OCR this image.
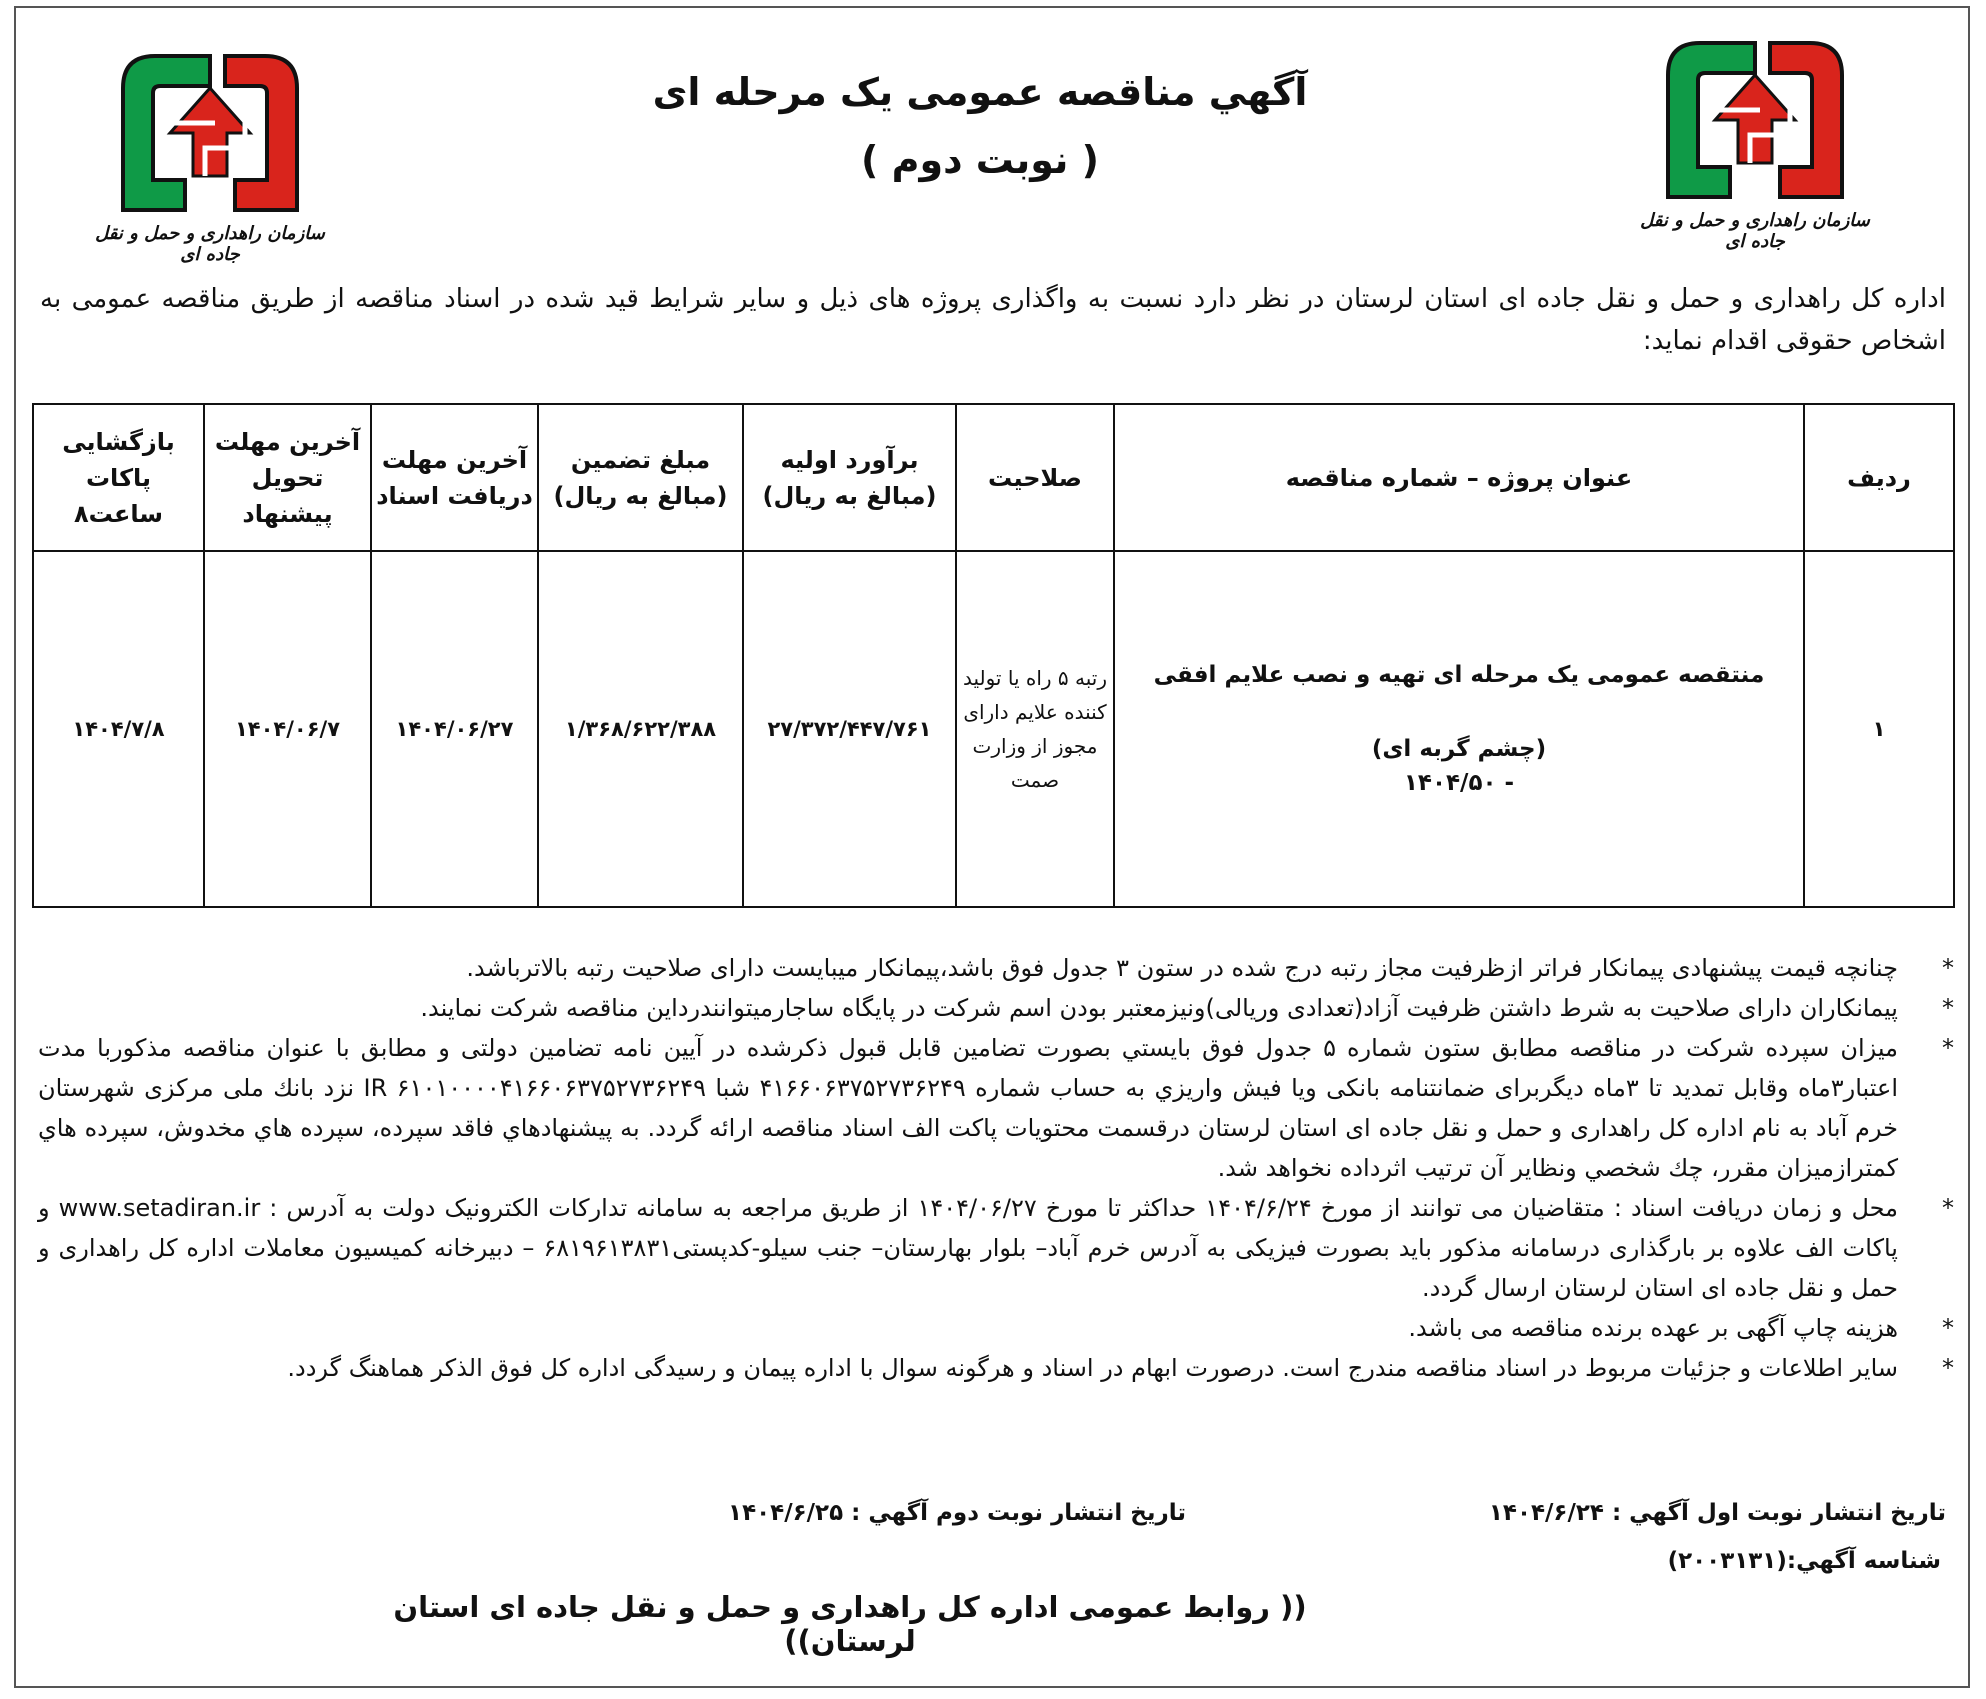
سازمان راهداری و حمل و نقل جاده ای
سازمان راهداری و حمل و نقل جاده ای
آگهي مناقصه عمومی یک مرحله ای
( نوبت دوم )
اداره کل راهداری و حمل و نقل جاده ای استان لرستان در نظر دارد نسبت به واگذاری پروژه های ذیل و سایر شرایط قید شده در اسناد مناقصه از طریق مناقصه عمومی به اشخاص حقوقی اقدام نماید:
ردیف	عنوان پروژه – شماره مناقصه	صلاحیت	برآورد اولیه (مبالغ به ریال)	مبلغ تضمین (مبالغ به ریال)	آخرین مهلت دریافت اسناد	آخرین مهلت تحویل پیشنهاد	بازگشایی پاکات ساعت۸
۱	منتقصه عمومی یک مرحله ای تهیه و نصب علایم افقی
(چشم گربه ای)
- ۱۴۰۴/۵۰	رتبه ۵ راه یا تولید کننده علایم دارای مجوز از وزارت صمت	۲۷/۳۷۲/۴۴۷/۷۶۱	۱/۳۶۸/۶۲۲/۳۸۸	۱۴۰۴/۰۶/۲۷	۱۴۰۴/۰۶/۷	۱۴۰۴/۷/۸
*
چنانچه قیمت پیشنهادی پیمانکار فراتر ازظرفیت مجاز رتبه درج شده در ستون ۳ جدول فوق باشد،پیمانکار میبایست دارای صلاحیت رتبه بالاترباشد.
*
پیمانکاران دارای صلاحیت به شرط داشتن ظرفیت آزاد(تعدادی وریالی)ونیزمعتبر بودن اسم شرکت در پایگاه ساجارمیتوانندرداین مناقصه شرکت نمایند.
*
میزان سپرده شرکت در مناقصه مطابق ستون شماره ۵ جدول فوق بایستي بصورت تضامین قابل قبول ذکرشده در آیین نامه تضامین دولتی و مطابق با عنوان مناقصه مذکوربا مدت اعتبار۳ماه وقابل تمدید تا ۳ماه دیگربرای ضمانتنامه بانکی ویا فیش واریزي به حساب شماره ۴۱۶۶۰۶۳۷۵۲۷۳۶۲۴۹ شبا IR ۶۱۰۱۰۰۰۰۴۱۶۶۰۶۳۷۵۲۷۳۶۲۴۹ نزد بانك ملی مرکزی شهرستان خرم آباد به نام اداره کل راهداری و حمل و نقل جاده ای استان لرستان درقسمت محتویات پاکت الف اسناد مناقصه ارائه گردد. به پیشنهادهاي فاقد سپرده، سپرده هاي مخدوش، سپرده هاي كمترازميزان مقرر، چك شخصي ونظاير آن ترتيب اثرداده نخواهد شد.
*
محل و زمان دریافت اسناد : متقاضیان می توانند از مورخ ۱۴۰۴/۶/۲۴ حداکثر تا مورخ ۱۴۰۴/۰۶/۲۷ از طریق مراجعه به سامانه تدارکات الکترونیک دولت به آدرس : www.setadiran.ir و پاکات الف علاوه بر بارگذاری درسامانه مذکور باید بصورت فیزیکی به آدرس خرم آباد– بلوار بهارستان– جنب سیلو-کدپستی۶۸۱۹۶۱۳۸۳۱ – دبیرخانه کمیسیون معاملات اداره کل راهداری و حمل و نقل جاده ای استان لرستان ارسال گردد.
*
هزینه چاپ آگهی بر عهده برنده مناقصه می باشد.
*
سایر اطلاعات و جزئیات مربوط در اسناد مناقصه مندرج است. درصورت ابهام در اسناد و هرگونه سوال با اداره پیمان و رسیدگی اداره کل فوق الذکر هماهنگ گردد.
تاریخ انتشار نوبت اول آگهي : ۱۴۰۴/۶/۲۴
تاریخ انتشار نوبت دوم آگهي : ۱۴۰۴/۶/۲۵
شناسه آگهي:(۲۰۰۳۱۳۱)
(( روابط عمومی اداره کل راهداری و حمل و نقل جاده ای استان لرستان))
